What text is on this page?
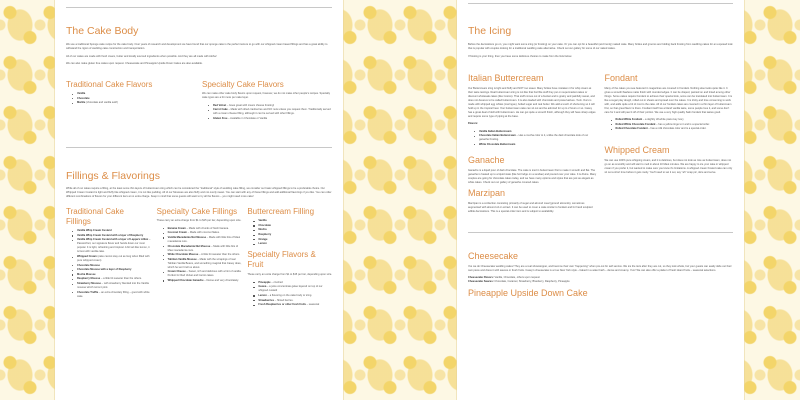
The Cake Body

We use a traditional Sponge cake recipe for the cake body. Over years of research and development we have found that our sponge cake is the perfect texture to go with our whipped cream based fillings and has a great ability to withstand the rigors of wedding cake construction and transportation.

All of our cakes are made with fresh cream, butter and locally sourced ingredients when possible. And they are all made with Aloha!

We can also make gluten free cakes upon request. Cheesecake and Pineapple Upside Down Cakes are also available.

Traditional Cake Flavors
Vanilla
Chocolate
Marble (chocolate and vanilla swirl)
Specialty Cake Flavors

We can make other cake body flavors upon request, however, we do not make other people's recipes. Specialty cake types are a bit more per cake layer.

Red Velvet – Goes great with cream cheese frosting!
Carrot Cake – Made with dried cranberries and NO nuts unless you request them. Traditionally served with a cream cheese filling, although it can be served with other fillings.
Gluten Free – Available in Chocolate or Vanilla
Fillings & Flavorings

While all of our cakes require a filling, at the least some thin layers of buttercream icing which can be considered the "traditional" style of wedding cake filling, we consider our basic whipped fillings to be a preferable choice. Our Whipped Cream Custard is light and fluffy like whipped cream, it is not like pudding. All of our Mousses are also fluffy and not overly sweet. You can start with any of these fillings and add additional flavorings if you like. You can order different combinations of flavors for your different tiers at no extra charge. Keep in mind that some guests will want to try all the flavors – you might need more cake!

Traditional Cake Fillings
Vanilla Whip Cream Custard
Vanilla Whip Cream Custard with a layer of Raspberry
Vanilla Whip Cream Custard with a layer of Lappa'e Lilikoi – Passionfruit, our signature flavor and hands down our most popular. It is light, refreshing and tropical. A bit tart like lemon, it is best with vanilla cake.
Whipped Cream (cake cannot stay out as long when filled with pure whipped cream)
Chocolate Mousse
Chocolate Mousse with a layer of Raspberry
Mocha Mousse
Raspberry Mousse – a little bit sweeter than the others.
Strawberry Mousse – with strawberry blended into the Vanilla mousse which turns it pink.
Chocolate Truffle – an extra chocolaty filling – good with white cake.
Specialty Cake Fillings

These carry an extra charge from $1 to $15 per tier, depending upon size.

Banana Cream – Made with chunks of fresh banana.
Coconut Cream – Made with coconut flakes.
Vanilla Macadamia Nut Mousse – Made with little bits of Maui macadamia nuts.
Chocolate Macadamia Nut Mousse – Made with little bits of Maui macadamia nuts.
White Chocolate Mousse – A little bit sweeter than the others.
Tahitian Vanilla Mousse – Made with the scrapings of real Tahitian Vanilla Beans, and something magical that Casey does, which he won't tell us about.
Cream Cheese – Sweet, rich and delicious with a hint of vanilla. Perfect for Red Velvet and Carrot cakes.
Whipped Chocolate Ganache – Dense and very chocolately.
Buttercream Filling
Vanilla
Chocolate
Mocha
Raspberry
Orange
Lemon
Specialty Flavors & Fruit

These carry an extra charge from $1 to $15 per tier, depending upon size.

Pineapple – crushed
Guava – a juice concentrate gelee layered on top of our whipped custard
Lemon – a flavoring on the cake body or icing.
Strawberries – Sliced berries.
Fresh Raspberries or other fresh fruits – seasonal
The Icing

Before the decorations go on, you might want some icing (or frosting) on your cake. Or you can opt for a beautiful (and trendy) naked cake. Many brides and grooms are holding back frosting from wedding cakes for an exposed look that is popular with couples looking for a traditional wedding cake alternative. Check out our gallery for some of our naked cakes.

If frosting is your thing, then you have some delicious choices to make from the lists below.

Italian Buttercream

Our Buttercream icing is light and fluffy and NOT too sweet. Many brides have mistaken it for whip cream at their taste testings. Real buttercream icing is not like that horrible stuff they put on supermarket cakes or discount wholesale cakes (like Costco). That stuff comes out of a bucket and is grainy and painfully sweet, and does not deserve to be called buttercream. It is also loaded with chemicals and preservatives. Yuck. Ours is made with whipped egg whites (meringue), boiled sugar and real butter. We add a touch of shortening so it will hold up in the tropical heat. Your buttercream cake can sit out and be admired for up to 2 hours or so. Casey has a great deal of skill with buttercream. He can get quite a smooth finish, although they will have sharp edges and require some type of piping at the base.

Flavors:

Vanilla Italian Buttercream
Chocolate Italian Buttercream – Has a mocha color to it, unlike the dark chocolate look of our ganache frosting.
White Chocolate Buttercream
Ganache

Ganache is a liquid pour of dark chocolate. The cake is iced in buttercream first to make it smooth and flat. The ganache is heated up to a liquid state (like hot fudge on a sundae) and poured over your cake. It is divine. Many couples are going for chocolate cakes today, and we have many options and styles that are just as elegant as white cakes. Check out our gallery of ganache covered cakes.

Marzipan

Marzipan is a confection consisting primarily of sugar and almond meal (ground almonds), sometimes augmented with almond oil or extract. It can be used to cover a cake similar to fondant and for hand sculpted edible decorations. This is a special order item and is subject to availability.

Fondant

Many of the cakes you see featured in magazines are covered in Fondant. Nothing else looks quite like it. It gives a smooth flawless matte finish with rounded edges. It can be draped, painted on and tinted among other things. Some cakes require Fondant to achieve their special look, some can be translated into buttercream. It is like a sugar play dough, rolled out in sheets and spread over the cakes. It is tricky and time consuming to work with, and adds quite a bit of cost to the cake. All of our fondant cakes are covered in a thin layer of buttercream first, so that great flavor is there. Fondant itself has a bland vanilla taste, some people love it, and some don't care for it and will peel it off of their portion. We use a very high quality Satin fondant that tastes good.

Rolled White Fondant – a slightly off-white piano key ivory
Rolled White Chocolate Fondant – has a yellow tinge to it and is a special order.
Rolled Chocolate Fondant – has a milk chocolate color and is a special order.
Whipped Cream

We can use 100% pure whipping cream, and it is delicious, but does not look as nice as buttercream, does not go on as smoothly and will start to melt in about 10 Maui minutes. We are happy to ice your cake in whipped cream if you prefer it, but wanted to make sure you know it's limitations. A whipped cream frosted cake can only sit out a short time before it gets melty. You'll need to set it out, say "ah" snap pic, slice and serve.

Cheesecake

Yes we do Cheesecake wedding cakes! They are a real showstopper, and become their own "happening" when pre-cut for self service. We ice the tiers after they are cut, so they look whole, but your guests can easily slide out their own piece and dress it with sauces or fresh fruits. Casey's cheesecake is a true New York style – baked in a water bath – dense and creamy. Yum! We can also offer a platter of fresh island fruits – seasonal selections.

Cheesecake Flavors: Vanilla, Chocolate, others upon request

Cheesecake Sauces: Chocolate, Caramel, Strawberry, Blueberry, Raspberry, Pineapple

Pineapple Upside Down Cake
